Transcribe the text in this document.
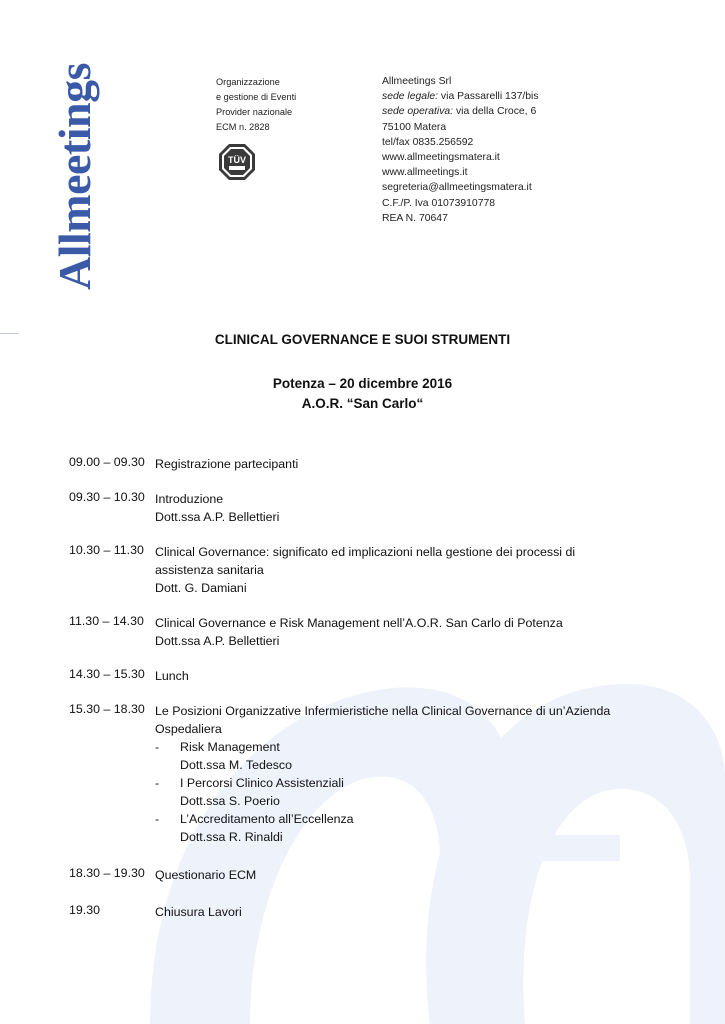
Allmeetings	Organizzazione
e gestione di Eventi
Provider nazionale
ECM n. 2828
TÜV
Allmeetings Srl
sede legale: via Passarelli 137/bis
sede operativa: via della Croce, 6
75100 Matera
tel/fax 0835.256592
www.allmeetingsmatera.it
www.allmeetings.it
segreteria@allmeetingsmatera.it
C.F./P. Iva 01073910778
REA N. 70647
CLINICAL GOVERNANCE E SUOI STRUMENTI
Potenza – 20 dicembre 2016
A.O.R. “San Carlo“
09.00 – 09.30 Registrazione partecipanti
09.30 – 10.30 Introduzione
Dott.ssa A.P. Bellettieri
10.30 – 11.30 Clinical Governance: significato ed implicazioni nella gestione dei processi di
assistenza sanitaria
Dott. G. Damiani
11.30 – 14.30 Clinical Governance e Risk Management nell’A.O.R. San Carlo di Potenza
Dott.ssa A.P. Bellettieri
14.30 – 15.30 Lunch
15.30 – 18.30 Le Posizioni Organizzative Infermieristiche nella Clinical Governance di un’Azienda
Ospedaliera
- Risk Management
Dott.ssa M. Tedesco
- I Percorsi Clinico Assistenziali
Dott.ssa S. Poerio
- L’Accreditamento all’Eccellenza
Dott.ssa R. Rinaldi
18.30 – 19.30 Questionario ECM
19.30	Chiusura Lavori
